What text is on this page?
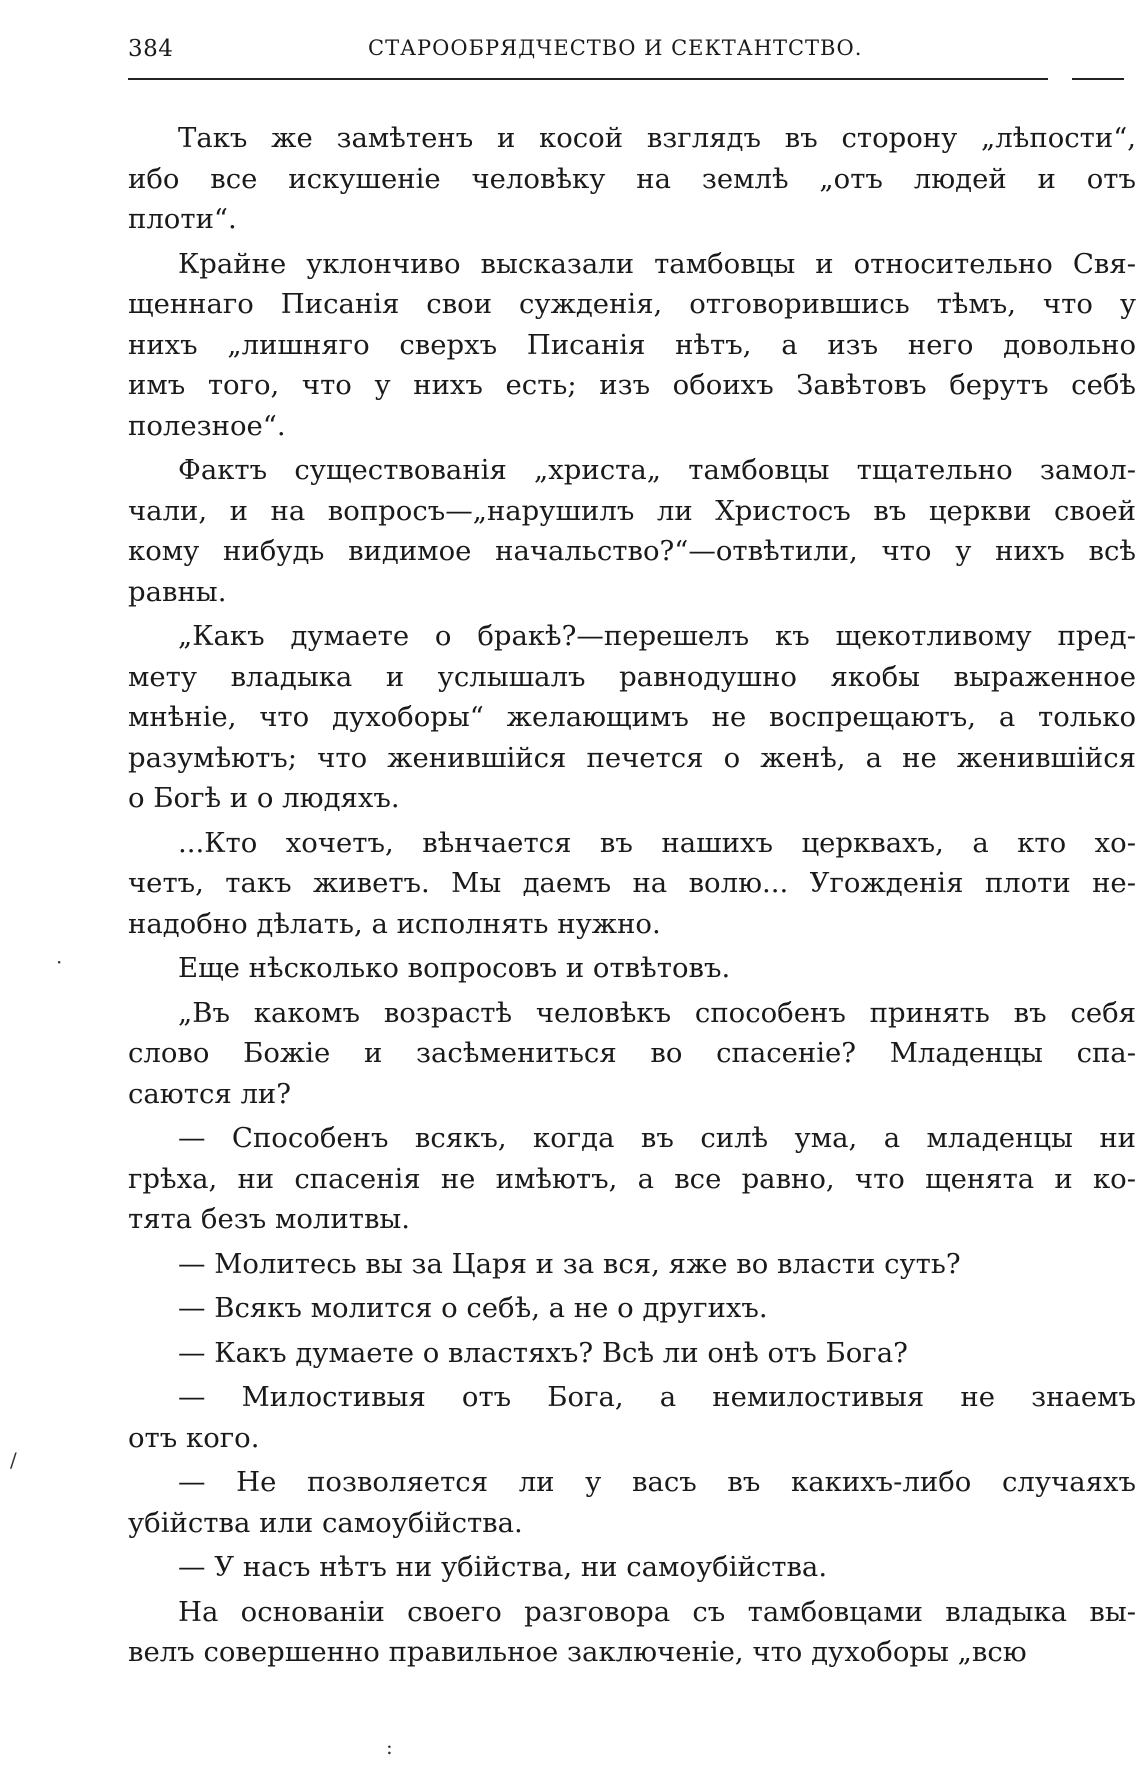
384	СТАРООБРЯДЧЕСТВО И СЕКТАНТСТВО.
Такъ же замѣтенъ и косой взглядъ въ сторону „лѣпости“,
ибо все искушеніе человѣку на землѣ „отъ людей и отъ
плоти“.
Крайне уклончиво высказали тамбовцы и относительно Свя-
щеннаго Писанія свои сужденія, отговорившись тѣмъ, что у
нихъ „лишняго сверхъ Писанія нѣтъ, а изъ него довольно
имъ того, что у нихъ есть; изъ обоихъ Завѣтовъ берутъ себѣ
полезное“.
Фактъ существованія „христа„ тамбовцы тщательно замол-
чали, и на вопросъ—„нарушилъ ли Христосъ въ церкви своей
кому нибудь видимое начальство?“—отвѣтили, что у нихъ всѣ
равны.
„Какъ думаете о бракѣ?—перешелъ къ щекотливому пред-
мету владыка и услышалъ равнодушно якобы выраженное
мнѣніе, что духоборы“ желающимъ не воспрещаютъ, а только
разумѣютъ; что женившійся печется о женѣ, а не женившійся
о Богѣ и о людяхъ.
...Кто хочетъ, вѣнчается въ нашихъ церквахъ, а кто хо-
четъ, такъ живетъ. Мы даемъ на волю... Угожденія плоти не-
надобно дѣлать, а исполнять нужно.
Еще нѣсколько вопросовъ и отвѣтовъ.
„Въ какомъ возрастѣ человѣкъ способенъ принять въ себя
слово Божіе и засѣмениться во спасеніе? Младенцы спа-
саются ли?
— Способенъ всякъ, когда въ силѣ ума, а младенцы ни
грѣха, ни спасенія не имѣютъ, а все равно, что щенята и ко-
тята безъ молитвы.
— Молитесь вы за Царя и за вся, яже во власти суть?
— Всякъ молится о себѣ, а не о другихъ.
— Какъ думаете о властяхъ? Всѣ ли онѣ отъ Бога?
— Милостивыя отъ Бога, а немилостивыя не знаемъ
отъ кого.
— Не позволяется ли у васъ въ какихъ-либо случаяхъ
убійства или самоубійства.
— У насъ нѣтъ ни убійства, ни самоубійства.
На основаніи своего разговора съ тамбовцами владыка вы-
велъ совершенно правильное заключеніе, что духоборы „всю
·
/
:
